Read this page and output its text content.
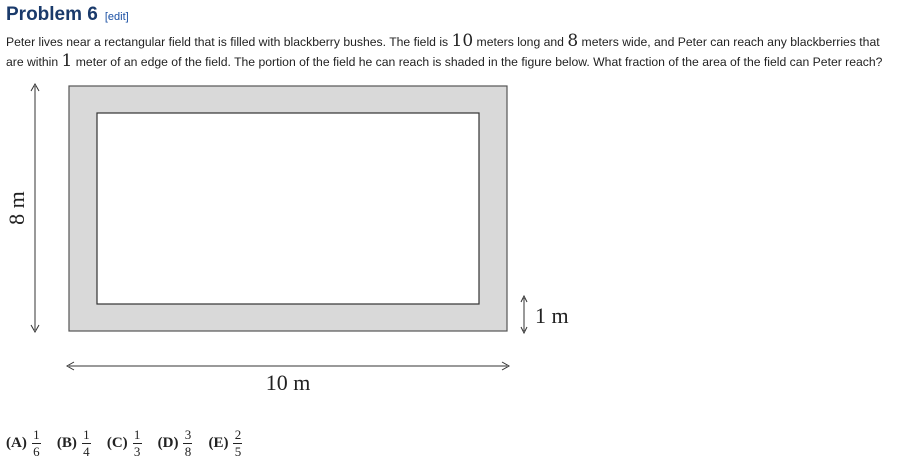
Problem 6 [edit]
Peter lives near a rectangular field that is filled with blackberry bushes. The field is 10 meters long and 8 meters wide, and Peter can reach any blackberries that are within 1 meter of an edge of the field. The portion of the field he can reach is shaded in the figure below. What fraction of the area of the field can Peter reach?
8 m
10 m
1 m
$(A) \frac{1}{6} (B) \frac{1}{4} (C) \frac{1}{3} (D) \frac{3}{8} (E) \frac{2}{5}$
